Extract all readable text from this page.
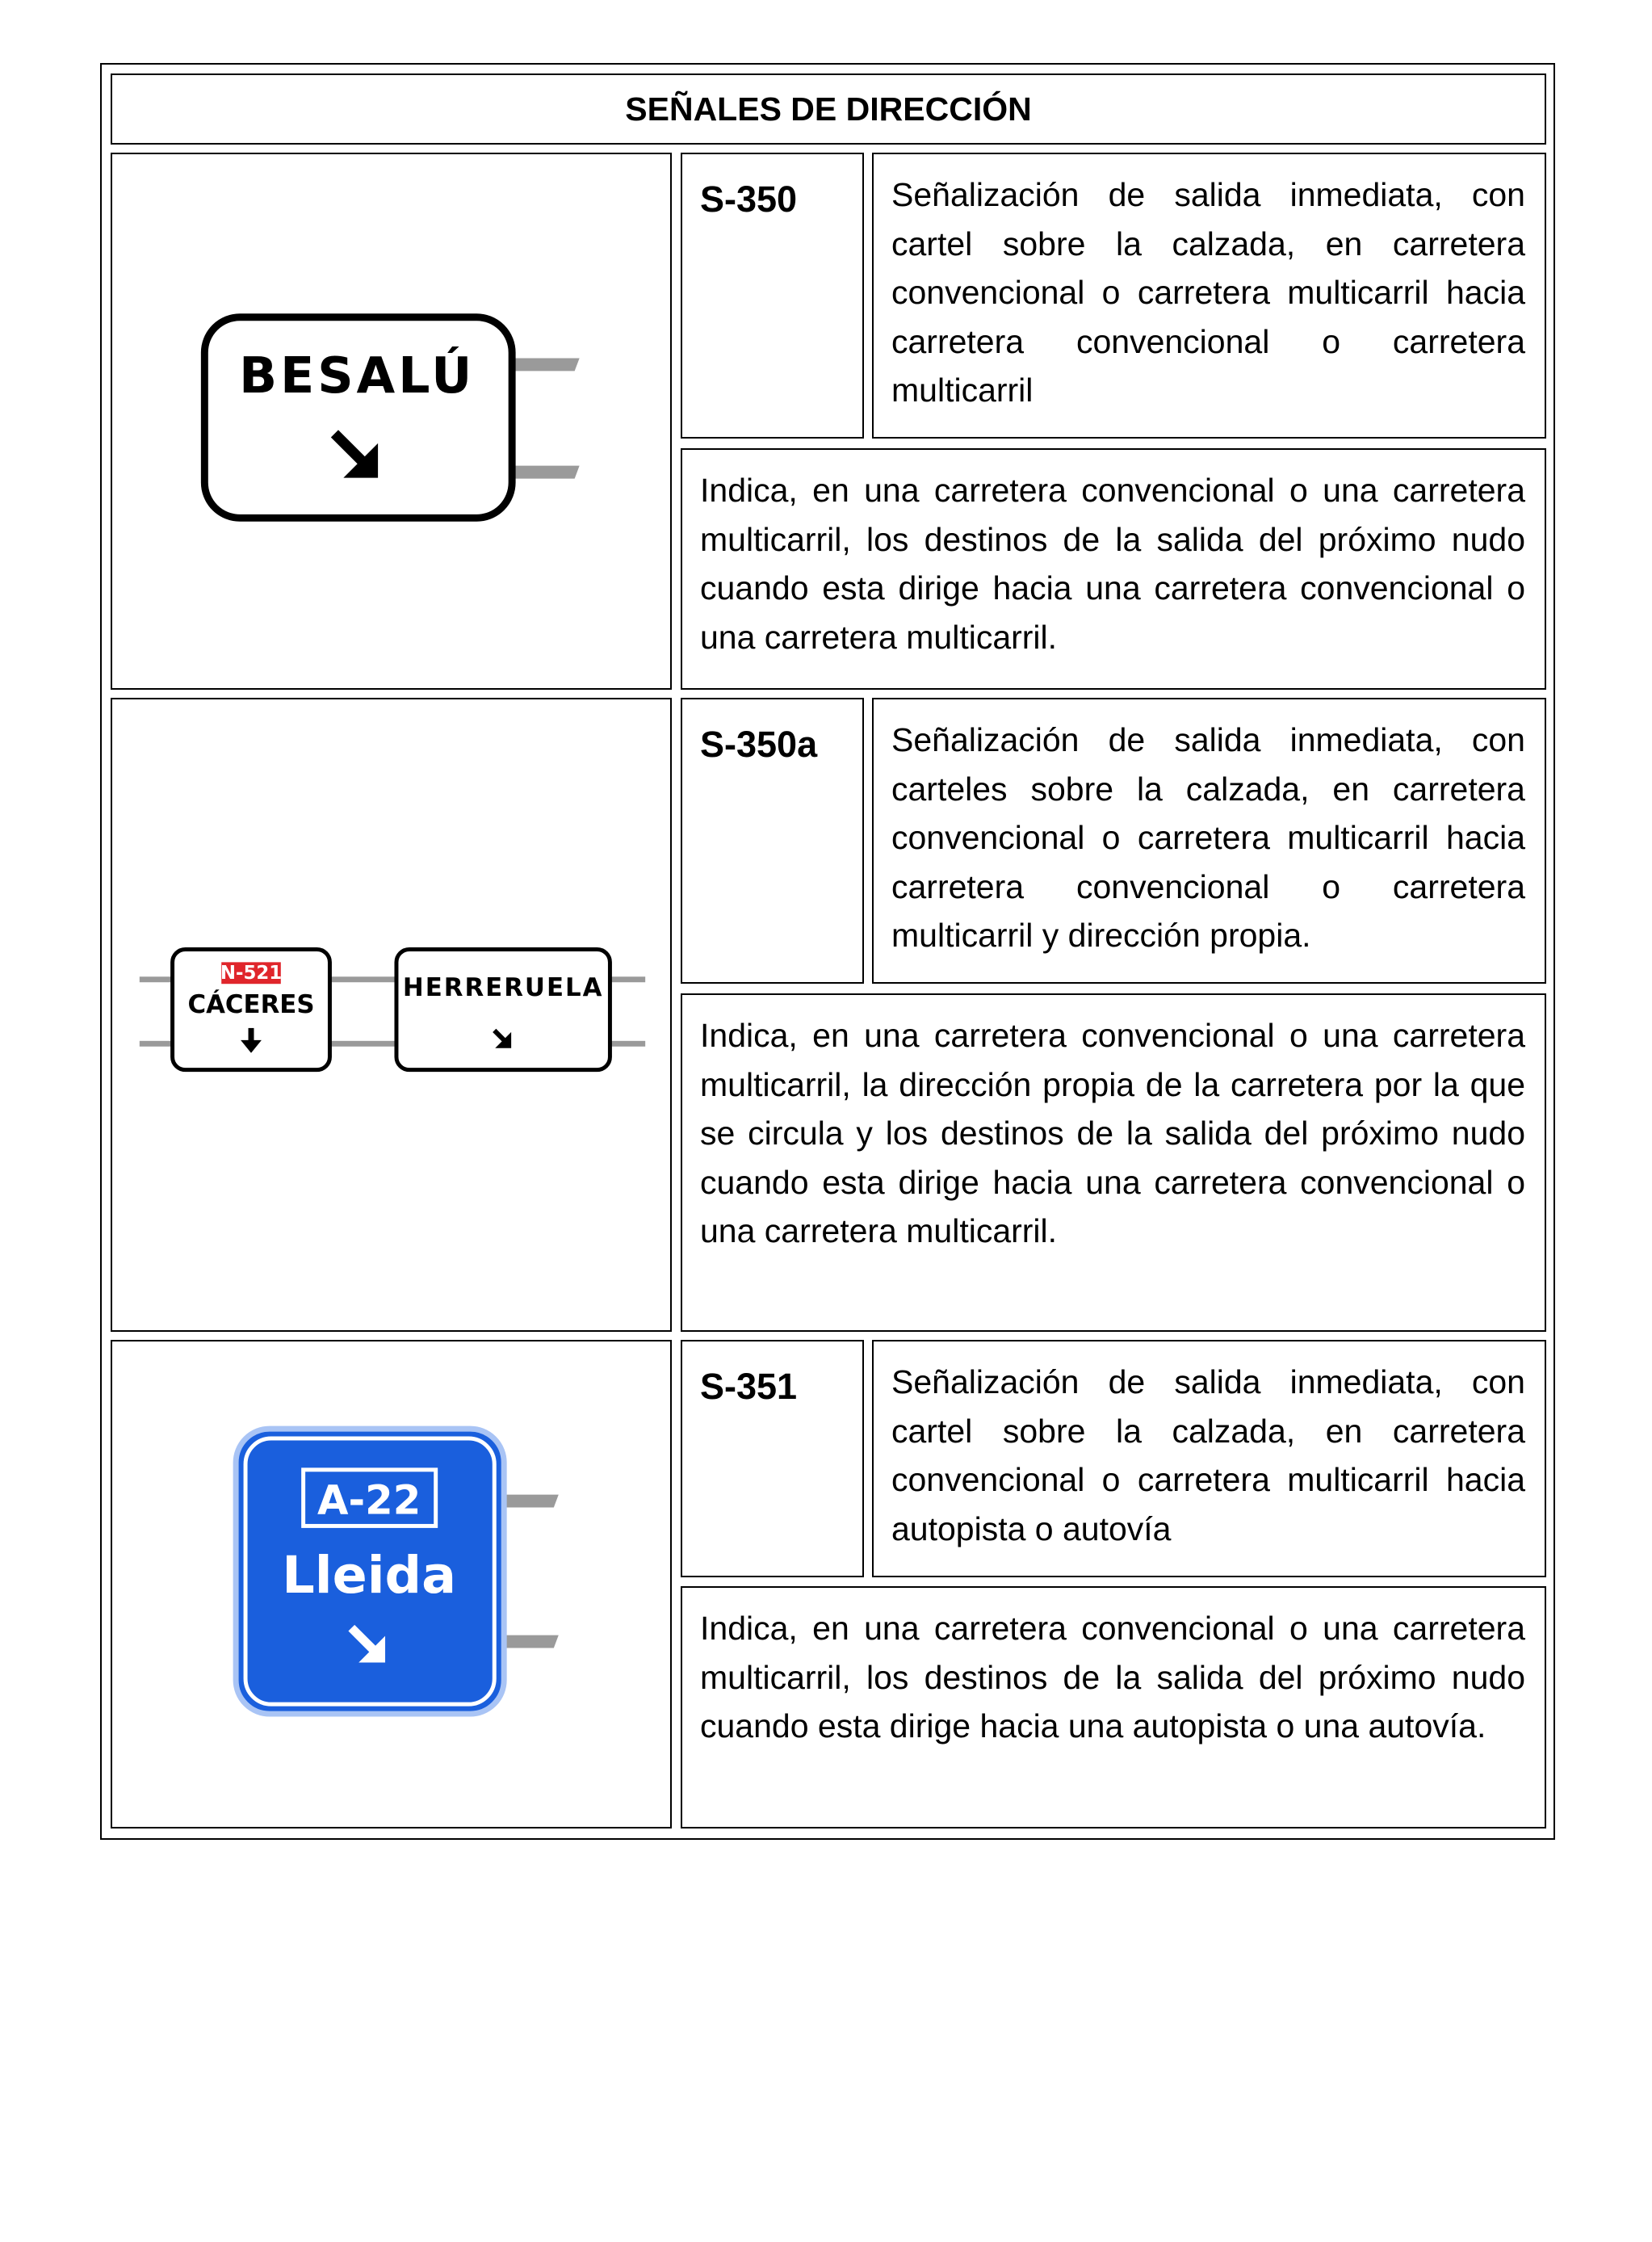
SEÑALES DE DIRECCIÓN
BESALÚ
S-350	Señalización de salida inmediata, con cartel sobre la calzada, en carretera convencional o carretera multicarril hacia carretera convencional o carretera multicarril
Indica, en una carretera convencional o una carretera multicarril, los destinos de la salida del próximo nudo cuando esta dirige hacia una carretera convencional o una carretera multicarril.
N-521
CÁCERES
HERRERUELA
S-350a	Señalización de salida inmediata, con carteles sobre la calzada, en carretera convencional o carretera multicarril hacia carretera convencional o carretera multicarril y dirección propia.
Indica, en una carretera convencional o una carretera multicarril, la dirección propia de la carretera por la que se circula y los destinos de la salida del próximo nudo cuando esta dirige hacia una carretera convencional o una carretera multicarril.
A-22
Lleida
S-351	Señalización de salida inmediata, con cartel sobre la calzada, en carretera convencional o carretera multicarril hacia autopista o autovía
Indica, en una carretera convencional o una carretera multicarril, los destinos de la salida del próximo nudo cuando esta dirige hacia una autopista o una autovía.
